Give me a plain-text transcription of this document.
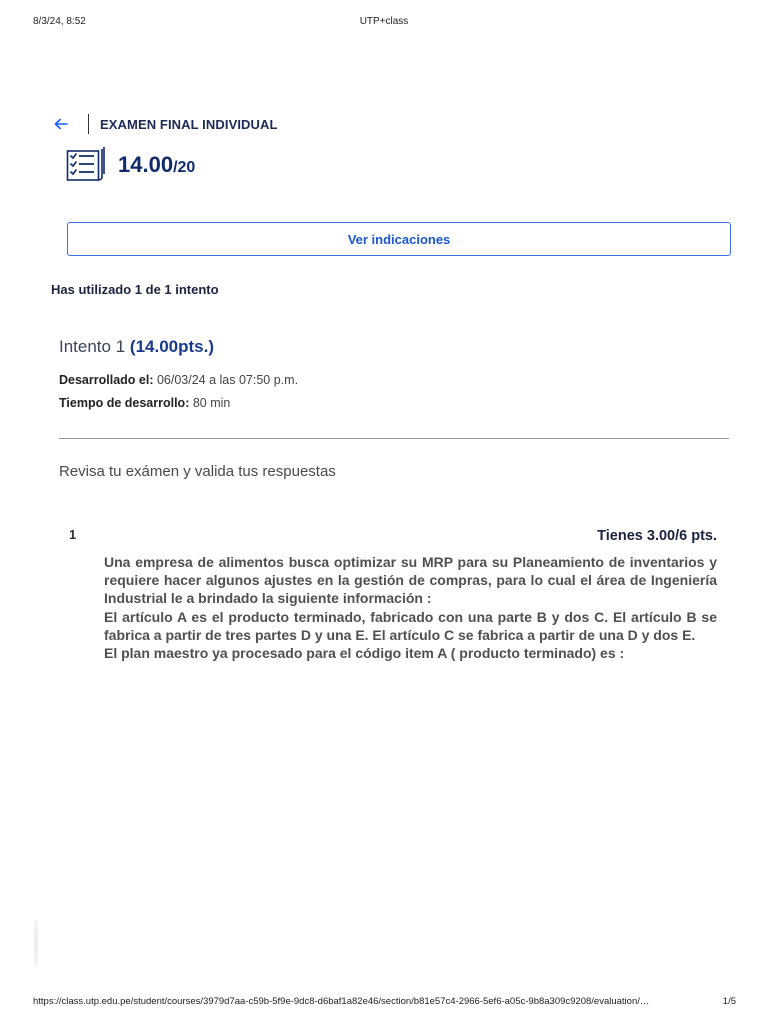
8/3/24, 8:52	UTP+class
EXAMEN FINAL INDIVIDUAL
14.00/20
Ver indicaciones
Has utilizado 1 de 1 intento
Intento 1 (14.00pts.)
Desarrollado el: 06/03/24 a las 07:50 p.m.
Tiempo de desarrollo: 80 min
Revisa tu exámen y valida tus respuestas
1	Tienes 3.00/6 pts.

Una empresa de alimentos busca optimizar su MRP para su Planeamiento de inventarios y requiere hacer algunos ajustes en la gestión de compras, para lo cual el área de Ingeniería Industrial le a brindado la siguiente información :

El artículo A es el producto terminado, fabricado con una parte B y dos C. El artículo B se fabrica a partir de tres partes D y una E. El artículo C se fabrica a partir de una D y dos E.

El plan maestro ya procesado para el código item A ( producto terminado) es :

https://class.utp.edu.pe/student/courses/3979d7aa-c59b-5f9e-9dc8-d6baf1a82e46/section/b81e57c4-2966-5ef6-a05c-9b8a309c9208/evaluation/…	1/5
